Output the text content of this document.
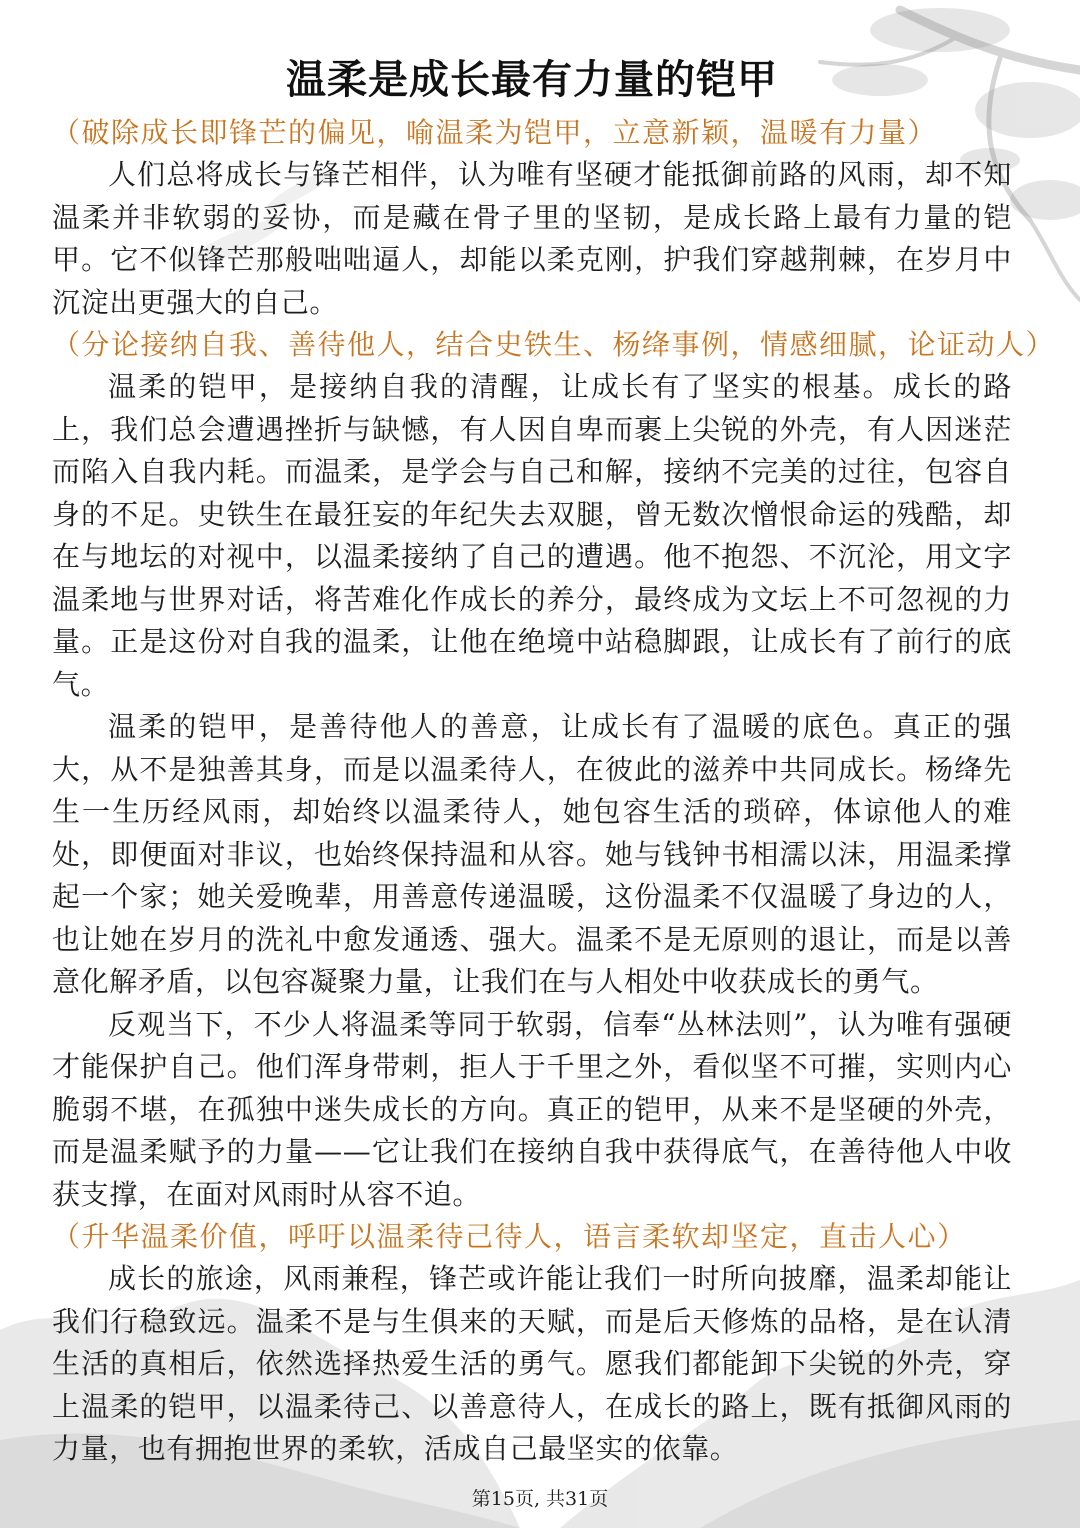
温柔是成长最有力量的铠甲

（破除成长即锋芒的偏见，喻温柔为铠甲，立意新颖，温暖有力量）

人们总将成长与锋芒相伴，认为唯有坚硬才能抵御前路的风雨，却不知温柔并非软弱的妥协，而是藏在骨子里的坚韧，是成长路上最有力量的铠甲。它不似锋芒那般咄咄逼人，却能以柔克刚，护我们穿越荆棘，在岁月中沉淀出更强大的自己。

（分论接纳自我、善待他人，结合史铁生、杨绛事例，情感细腻，论证动人）

温柔的铠甲，是接纳自我的清醒，让成长有了坚实的根基。成长的路上，我们总会遭遇挫折与缺憾，有人因自卑而裹上尖锐的外壳，有人因迷茫而陷入自我内耗。而温柔，是学会与自己和解，接纳不完美的过往，包容自身的不足。史铁生在最狂妄的年纪失去双腿，曾无数次憎恨命运的残酷，却在与地坛的对视中，以温柔接纳了自己的遭遇。他不抱怨、不沉沦，用文字温柔地与世界对话，将苦难化作成长的养分，最终成为文坛上不可忽视的力量。正是这份对自我的温柔，让他在绝境中站稳脚跟，让成长有了前行的底气。

温柔的铠甲，是善待他人的善意，让成长有了温暖的底色。真正的强大，从不是独善其身，而是以温柔待人，在彼此的滋养中共同成长。杨绛先生一生历经风雨，却始终以温柔待人，她包容生活的琐碎，体谅他人的难处，即便面对非议，也始终保持温和从容。她与钱钟书相濡以沫，用温柔撑起一个家；她关爱晚辈，用善意传递温暖，这份温柔不仅温暖了身边的人，也让她在岁月的洗礼中愈发通透、强大。温柔不是无原则的退让，而是以善意化解矛盾，以包容凝聚力量，让我们在与人相处中收获成长的勇气。

反观当下，不少人将温柔等同于软弱，信奉“丛林法则”，认为唯有强硬才能保护自己。他们浑身带刺，拒人于千里之外，看似坚不可摧，实则内心脆弱不堪，在孤独中迷失成长的方向。真正的铠甲，从来不是坚硬的外壳，而是温柔赋予的力量——它让我们在接纳自我中获得底气，在善待他人中收获支撑，在面对风雨时从容不迫。

（升华温柔价值，呼吁以温柔待己待人，语言柔软却坚定，直击人心）

成长的旅途，风雨兼程，锋芒或许能让我们一时所向披靡，温柔却能让我们行稳致远。温柔不是与生俱来的天赋，而是后天修炼的品格，是在认清生活的真相后，依然选择热爱生活的勇气。愿我们都能卸下尖锐的外壳，穿上温柔的铠甲，以温柔待己、以善意待人，在成长的路上，既有抵御风雨的力量，也有拥抱世界的柔软，活成自己最坚实的依靠。

第15页, 共31页
